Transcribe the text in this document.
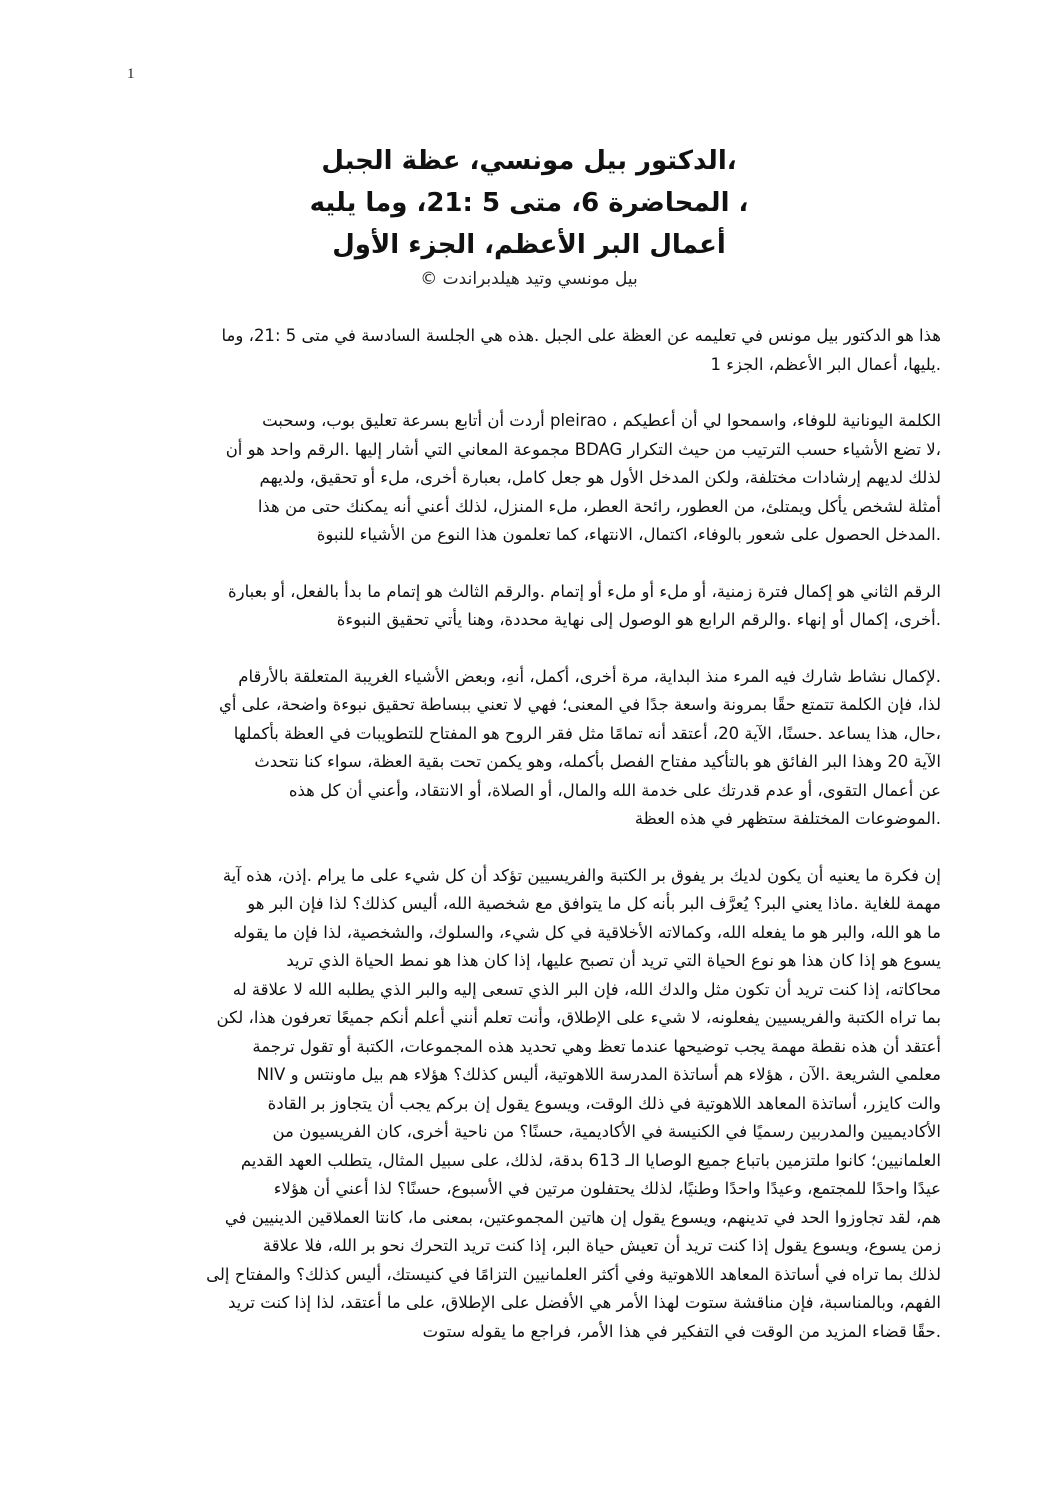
1
،الدكتور بيل مونسي، عظة الجبل
، المحاضرة 6، متى 5 :21، وما يليه
أعمال البر الأعظم، الجزء الأول
بيل مونسي وتيد هيلدبراندت ©

هذا هو الدكتور بيل مونس في تعليمه عن العظة على الجبل .هذه هي الجلسة السادسة في متى 5 :21، وما
.يليها، أعمال البر الأعظم، الجزء 1

الكلمة اليونانية للوفاء، واسمحوا لي أن أعطيكم ، pleirao أردت أن أتابع بسرعة تعليق بوب، وسحبت
،لا تضع الأشياء حسب الترتيب من حيث التكرار BDAG مجموعة المعاني التي أشار إليها .الرقم واحد هو أن
لذلك لديهم إرشادات مختلفة، ولكن المدخل الأول هو جعل كامل، بعبارة أخرى، ملء أو تحقيق، ولديهم
أمثلة لشخص يأكل ويمتلئ، من العطور، رائحة العطر، ملء المنزل، لذلك أعني أنه يمكنك حتى من هذا
.المدخل الحصول على شعور بالوفاء، اكتمال، الانتهاء، كما تعلمون هذا النوع من الأشياء للنبوة

الرقم الثاني هو إكمال فترة زمنية، أو ملء أو ملء أو إتمام .والرقم الثالث هو إتمام ما بدأ بالفعل، أو بعبارة
.أخرى، إكمال أو إنهاء .والرقم الرابع هو الوصول إلى نهاية محددة، وهنا يأتي تحقيق النبوءة

.لإكمال نشاط شارك فيه المرء منذ البداية، مرة أخرى، أكمل، أنهِ، وبعض الأشياء الغريبة المتعلقة بالأرقام
لذا، فإن الكلمة تتمتع حقًا بمرونة واسعة جدًا في المعنى؛ فهي لا تعني ببساطة تحقيق نبوءة واضحة، على أي
،حال، هذا يساعد .حسنًا، الآية 20، أعتقد أنه تمامًا مثل فقر الروح هو المفتاح للتطويبات في العظة بأكملها
الآية 20 وهذا البر الفائق هو بالتأكيد مفتاح الفصل بأكمله، وهو يكمن تحت بقية العظة، سواء كنا نتحدث
عن أعمال التقوى، أو عدم قدرتك على خدمة الله والمال، أو الصلاة، أو الانتقاد، وأعني أن كل هذه
.الموضوعات المختلفة ستظهر في هذه العظة

إن فكرة ما يعنيه أن يكون لديك بر يفوق بر الكتبة والفريسيين تؤكد أن كل شيء على ما يرام .إذن، هذه آية
مهمة للغاية .ماذا يعني البر؟ يُعرَّف البر بأنه كل ما يتوافق مع شخصية الله، أليس كذلك؟ لذا فإن البر هو
ما هو الله، والبر هو ما يفعله الله، وكمالاته الأخلاقية في كل شيء، والسلوك، والشخصية، لذا فإن ما يقوله
يسوع هو إذا كان هذا هو نوع الحياة التي تريد أن تصبح عليها، إذا كان هذا هو نمط الحياة الذي تريد
محاكاته، إذا كنت تريد أن تكون مثل والدك الله، فإن البر الذي تسعى إليه والبر الذي يطلبه الله لا علاقة له
بما تراه الكتبة والفريسيين يفعلونه، لا شيء على الإطلاق، وأنت تعلم أنني أعلم أنكم جميعًا تعرفون هذا، لكن
أعتقد أن هذه نقطة مهمة يجب توضيحها عندما تعظ وهي تحديد هذه المجموعات، الكتبة أو تقول ترجمة
معلمي الشريعة .الآن ، هؤلاء هم أساتذة المدرسة اللاهوتية، أليس كذلك؟ هؤلاء هم بيل ماونتس و NIV
والت كايزر، أساتذة المعاهد اللاهوتية في ذلك الوقت، ويسوع يقول إن بركم يجب أن يتجاوز بر القادة
الأكاديميين والمدربين رسميًا في الكنيسة في الأكاديمية، حسنًا؟ من ناحية أخرى، كان الفريسيون من
العلمانيين؛ كانوا ملتزمين باتباع جميع الوصايا الـ 613 بدقة، لذلك، على سبيل المثال، يتطلب العهد القديم
عيدًا واحدًا للمجتمع، وعيدًا واحدًا وطنيًا، لذلك يحتفلون مرتين في الأسبوع، حسنًا؟ لذا أعني أن هؤلاء
هم، لقد تجاوزوا الحد في تدينهم، ويسوع يقول إن هاتين المجموعتين، بمعنى ما، كانتا العملاقين الدينيين في
زمن يسوع، ويسوع يقول إذا كنت تريد أن تعيش حياة البر، إذا كنت تريد التحرك نحو بر الله، فلا علاقة
لذلك بما تراه في أساتذة المعاهد اللاهوتية وفي أكثر العلمانيين التزامًا في كنيستك، أليس كذلك؟ والمفتاح إلى
الفهم، وبالمناسبة، فإن مناقشة ستوت لهذا الأمر هي الأفضل على الإطلاق، على ما أعتقد، لذا إذا كنت تريد
.حقًا قضاء المزيد من الوقت في التفكير في هذا الأمر، فراجع ما يقوله ستوت
